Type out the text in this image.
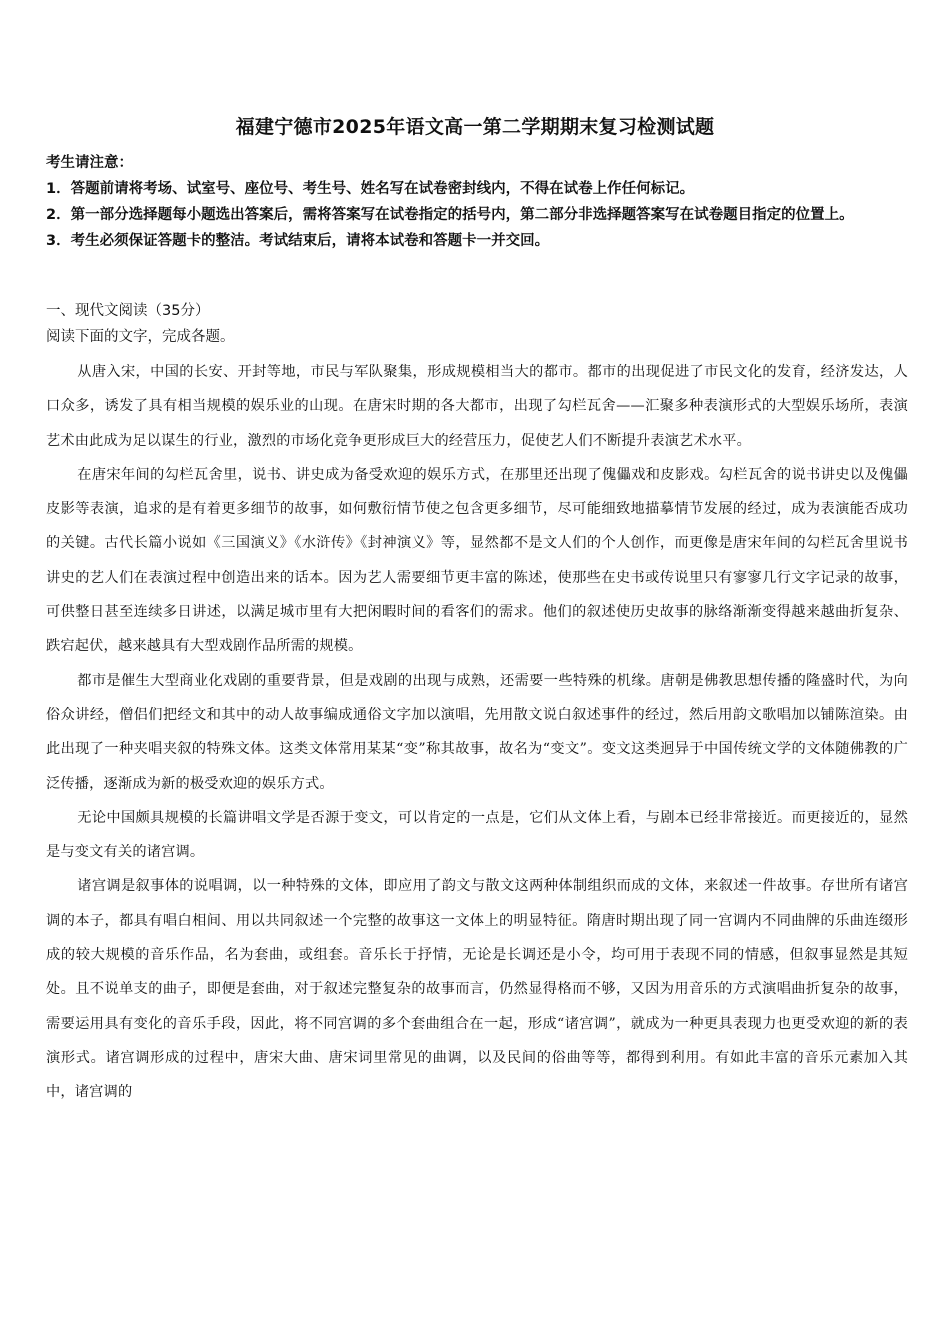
福建宁德市2025年语文高一第二学期期末复习检测试题

考生请注意：

1．答题前请将考场、试室号、座位号、考生号、姓名写在试卷密封线内，不得在试卷上作任何标记。

2．第一部分选择题每小题选出答案后，需将答案写在试卷指定的括号内，第二部分非选择题答案写在试卷题目指定的位置上。

3．考生必须保证答题卡的整洁。考试结束后，请将本试卷和答题卡一并交回。

一、现代文阅读（35分）

阅读下面的文字，完成各题。

从唐入宋，中国的长安、开封等地，市民与军队聚集，形成规模相当大的都市。都市的出现促进了市民文化的发育，经济发达，人口众多，诱发了具有相当规模的娱乐业的山现。在唐宋时期的各大都市，出现了勾栏瓦舍——汇聚多种表演形式的大型娱乐场所，表演艺术由此成为足以谋生的行业，激烈的市场化竞争更形成巨大的经营压力，促使艺人们不断提升表演艺术水平。

在唐宋年间的勾栏瓦舍里，说书、讲史成为备受欢迎的娱乐方式，在那里还出现了傀儡戏和皮影戏。勾栏瓦舍的说书讲史以及傀儡皮影等表演，追求的是有着更多细节的故事，如何敷衍情节使之包含更多细节，尽可能细致地描摹情节发展的经过，成为表演能否成功的关键。古代长篇小说如《三国演义》《水浒传》《封神演义》等，显然都不是文人们的个人创作，而更像是唐宋年间的勾栏瓦舍里说书讲史的艺人们在表演过程中创造出来的话本。因为艺人需要细节更丰富的陈述，使那些在史书或传说里只有寥寥几行文字记录的故事，可供整日甚至连续多日讲述，以满足城市里有大把闲暇时间的看客们的需求。他们的叙述使历史故事的脉络渐渐变得越来越曲折复杂、跌宕起伏，越来越具有大型戏剧作品所需的规模。

都市是催生大型商业化戏剧的重要背景，但是戏剧的出现与成熟，还需要一些特殊的机缘。唐朝是佛教思想传播的隆盛时代，为向俗众讲经，僧侣们把经文和其中的动人故事编成通俗文字加以演唱，先用散文说白叙述事件的经过，然后用韵文歌唱加以铺陈渲染。由此出现了一种夹唱夹叙的特殊文体。这类文体常用某某“变”称其故事，故名为“变文”。变文这类迥异于中国传统文学的文体随佛教的广泛传播，逐渐成为新的极受欢迎的娱乐方式。

无论中国颇具规模的长篇讲唱文学是否源于变文，可以肯定的一点是，它们从文体上看，与剧本已经非常接近。而更接近的，显然是与变文有关的诸宫调。

诸宫调是叙事体的说唱调，以一种特殊的文体，即应用了韵文与散文这两种体制组织而成的文体，来叙述一件故事。存世所有诸宫调的本子，都具有唱白相间、用以共同叙述一个完整的故事这一文体上的明显特征。隋唐时期出现了同一宫调内不同曲牌的乐曲连缀形成的较大规模的音乐作品，名为套曲，或组套。音乐长于抒情，无论是长调还是小令，均可用于表现不同的情感，但叙事显然是其短处。且不说单支的曲子，即便是套曲，对于叙述完整复杂的故事而言，仍然显得格而不够，又因为用音乐的方式演唱曲折复杂的故事，需要运用具有变化的音乐手段，因此，将不同宫调的多个套曲组合在一起，形成“诸宫调”，就成为一种更具表现力也更受欢迎的新的表演形式。诸宫调形成的过程中，唐宋大曲、唐宋词里常见的曲调，以及民间的俗曲等等，都得到利用。有如此丰富的音乐元素加入其中，诸宫调的
